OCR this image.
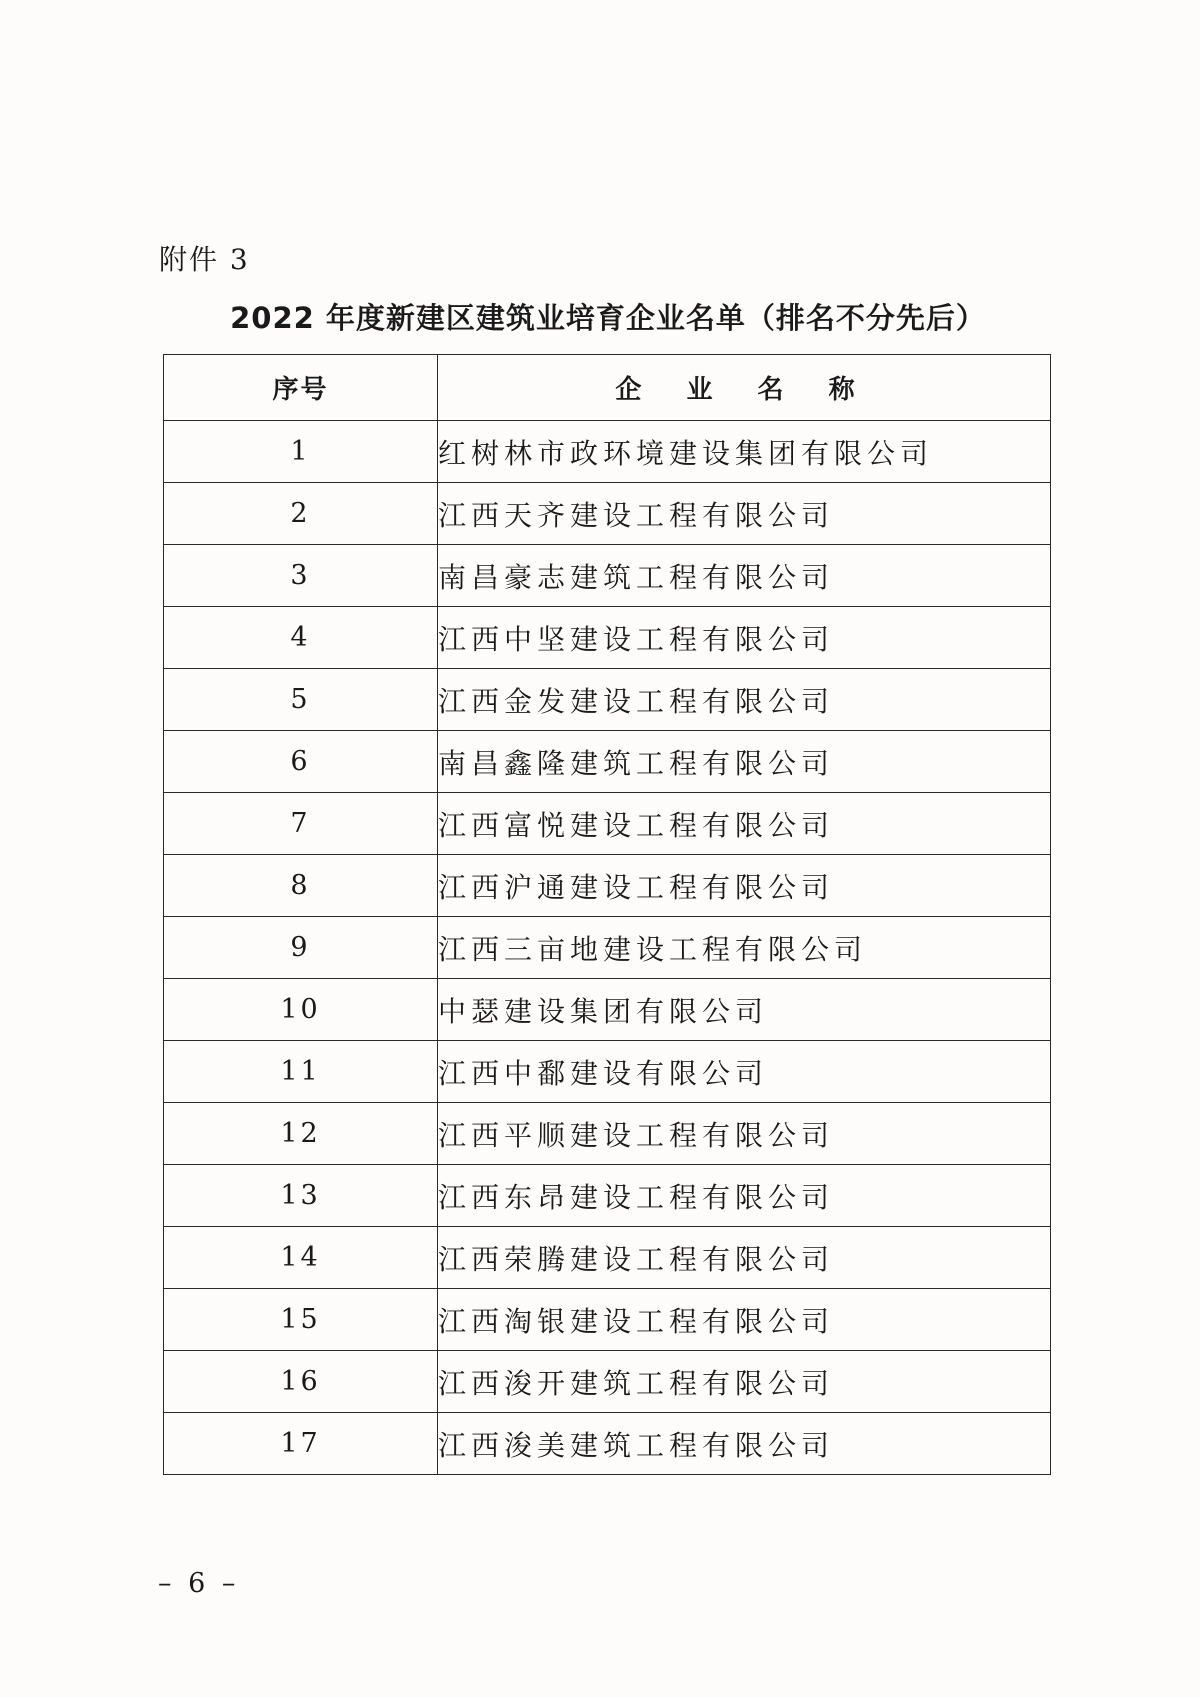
附件 3
2022 年度新建区建筑业培育企业名单（排名不分先后）
序号	企 业 名 称
1	红树林市政环境建设集团有限公司
2	江西天齐建设工程有限公司
3	南昌豪志建筑工程有限公司
4	江西中坚建设工程有限公司
5	江西金发建设工程有限公司
6	南昌鑫隆建筑工程有限公司
7	江西富悦建设工程有限公司
8	江西沪通建设工程有限公司
9	江西三亩地建设工程有限公司
10	中瑟建设集团有限公司
11	江西中鄱建设有限公司
12	江西平顺建设工程有限公司
13	江西东昂建设工程有限公司
14	江西荣腾建设工程有限公司
15	江西淘银建设工程有限公司
16	江西浚开建筑工程有限公司
17	江西浚美建筑工程有限公司
– 6 –
